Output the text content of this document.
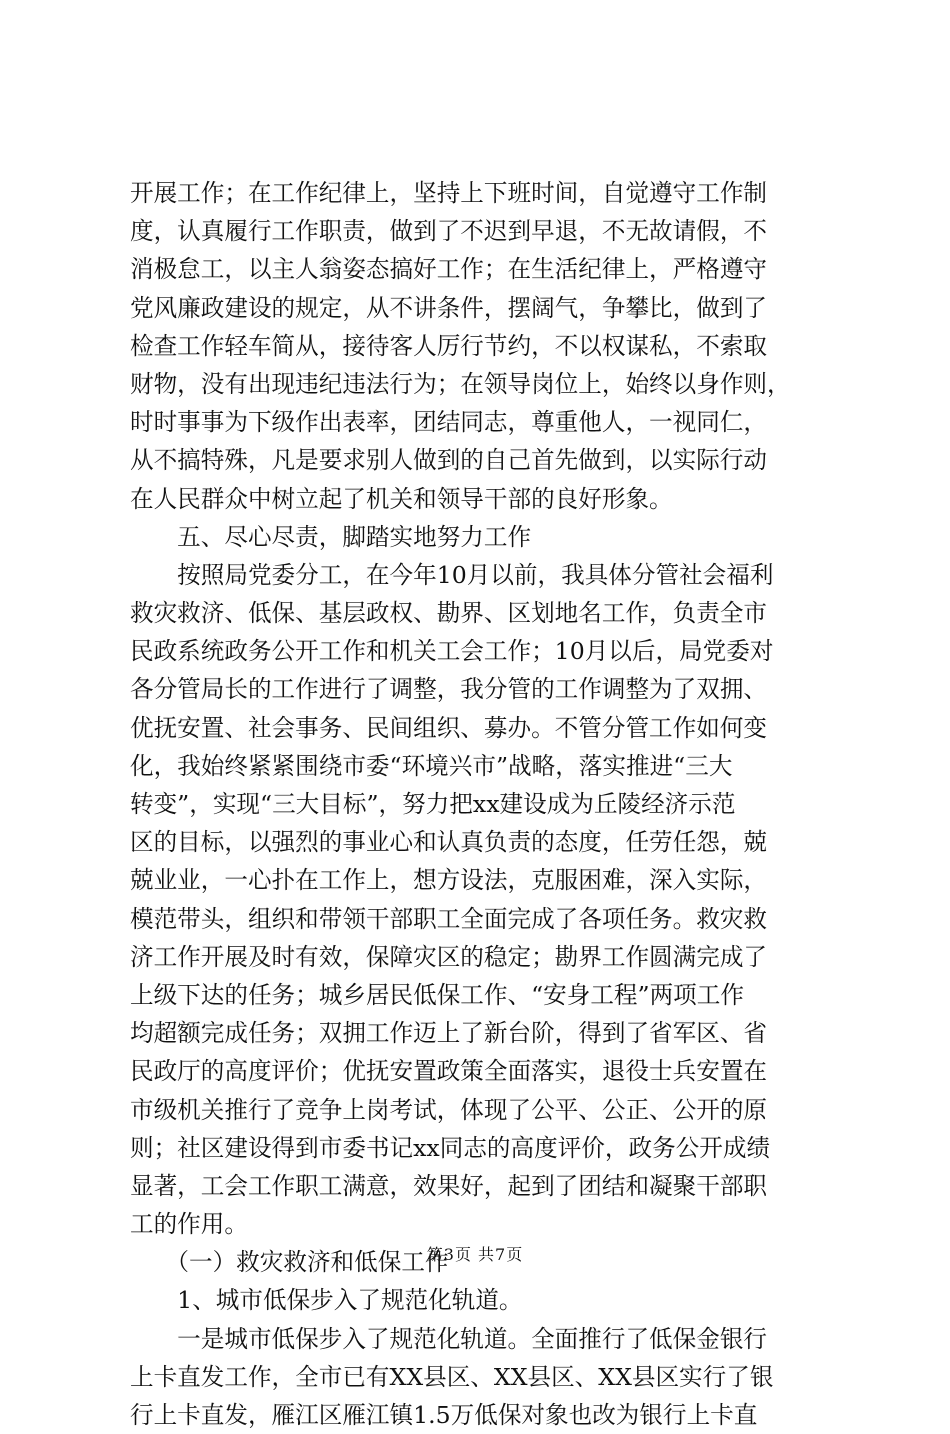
开展工作；在工作纪律上，坚持上下班时间，自觉遵守工作制
度，认真履行工作职责，做到了不迟到早退，不无故请假，不
消极怠工，以主人翁姿态搞好工作；在生活纪律上，严格遵守
党风廉政建设的规定，从不讲条件，摆阔气，争攀比，做到了
检查工作轻车简从，接待客人厉行节约，不以权谋私，不索取
财物，没有出现违纪违法行为；在领导岗位上，始终以身作则，
时时事事为下级作出表率，团结同志，尊重他人，一视同仁，
从不搞特殊，凡是要求别人做到的自己首先做到，以实际行动
在人民群众中树立起了机关和领导干部的良好形象。
　　五、尽心尽责，脚踏实地努力工作
　　按照局党委分工，在今年10月以前，我具体分管社会福利
救灾救济、低保、基层政权、勘界、区划地名工作，负责全市
民政系统政务公开工作和机关工会工作；10月以后，局党委对
各分管局长的工作进行了调整，我分管的工作调整为了双拥、
优抚安置、社会事务、民间组织、募办。不管分管工作如何变
化，我始终紧紧围绕市委“环境兴市”战略，落实推进“三大
转变”，实现“三大目标”，努力把xx建设成为丘陵经济示范
区的目标，以强烈的事业心和认真负责的态度，任劳任怨，兢
兢业业，一心扑在工作上，想方设法，克服困难，深入实际，
模范带头，组织和带领干部职工全面完成了各项任务。救灾救
济工作开展及时有效，保障灾区的稳定；勘界工作圆满完成了
上级下达的任务；城乡居民低保工作、“安身工程”两项工作
均超额完成任务；双拥工作迈上了新台阶，得到了省军区、省
民政厅的高度评价；优抚安置政策全面落实，退役士兵安置在
市级机关推行了竞争上岗考试，体现了公平、公正、公开的原
则；社区建设得到市委书记xx同志的高度评价，政务公开成绩
显著，工会工作职工满意，效果好，起到了团结和凝聚干部职
工的作用。
　　（一）救灾救济和低保工作
　　1、城市低保步入了规范化轨道。
　　一是城市低保步入了规范化轨道。全面推行了低保金银行
上卡直发工作，全市已有XX县区、XX县区、XX县区实行了银
行上卡直发，雁江区雁江镇1.5万低保对象也改为银行上卡直
第3页 共7页
